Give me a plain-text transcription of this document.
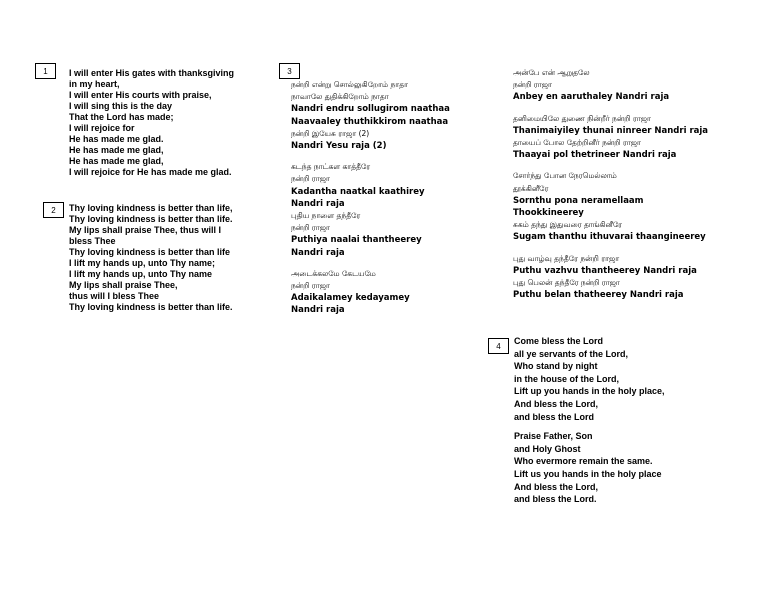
1	I will enter His gates with thanksgiving
in my heart,
I will enter His courts with praise,
I will sing this is the day
That the Lord has made;
I will rejoice for
He has made me glad.
He has made me glad,
He has made me glad,
I will rejoice for He has made me glad.
2	Thy loving kindness is better than life,
Thy loving kindness is better than life.
My lips shall praise Thee, thus will I
bless Thee
Thy loving kindness is better than life
I lift my hands up, unto Thy name;
I lift my hands up, unto Thy name
My lips shall praise Thee,
thus will I bless Thee
Thy loving kindness is better than life.
3
நன்றி என்று சொல்லுகிறோம் நாதா
நாவாலே துதிக்கிறோம் நாதா
Nandri endru sollugirom naathaa
Naavaaley thuthikkirom naathaa
நன்றி இயேசு ராஜா (2)
Nandri Yesu raja (2)
கடந்த நாட்கள காத்தீரே
நன்றி ராஜா
Kadantha naatkal kaathirey
Nandri raja
புதிய நாளை தந்தீரே
நன்றி ராஜா
Puthiya naalai thantheerey
Nandri raja
அடைக்கலமே கேடயமே
நன்றி ராஜா
Adaikalamey kedayamey
Nandri raja
அன்பே என் ஆறுதலே
நன்றி ராஜா
Anbey en aaruthaley Nandri raja
தனிமையிலே துணை நின்றீர் நன்றி ராஜா
Thanimaiyiley thunai ninreer Nandri raja
தாயைப் போல தேற்றினீர் நன்றி ராஜா
Thaayai pol thetrineer Nandri raja
சோர்ந்து போன நேரமெல்லாம்
தூக்கினீரே
Sornthu pona neramellaam
Thookkineerey
சுகம் தந்து இதுவரை தாங்கினீரே
Sugam thanthu ithuvarai thaangineerey
புது வாழ்வு தந்தீரே நன்றி ராஜா
Puthu vazhvu thantheerey Nandri raja
புது பெலன் தந்தீரே நன்றி ராஜா
Puthu belan thatheerey Nandri raja
4	Come bless the Lord
all ye servants of the Lord,
Who stand by night
in the house of the Lord,
Lift up you hands in the holy place,
And bless the Lord,
and bless the Lord
Praise Father, Son
and Holy Ghost
Who evermore remain the same.
Lift us you hands in the holy place
And bless the Lord,
and bless the Lord.
